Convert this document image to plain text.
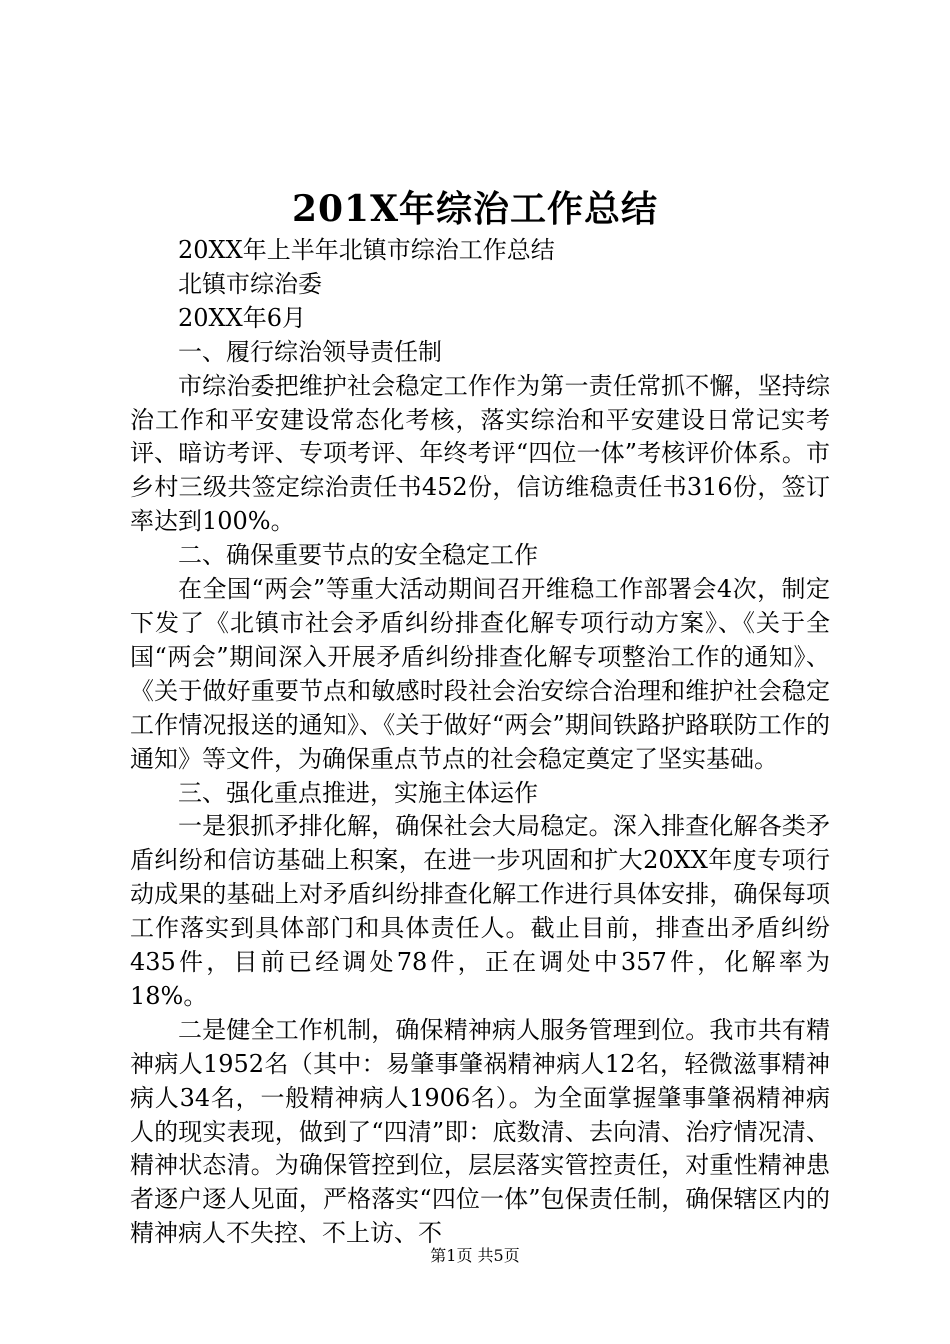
201X年综治工作总结

20XX年上半年北镇市综治工作总结

北镇市综治委

20XX年6月

一、履行综治领导责任制

市综治委把维护社会稳定工作作为第一责任常抓不懈，坚持综治工作和平安建设常态化考核，落实综治和平安建设日常记实考评、暗访考评、专项考评、年终考评“四位一体”考核评价体系。市乡村三级共签定综治责任书452份，信访维稳责任书316份，签订率达到100%。

二、确保重要节点的安全稳定工作

在全国“两会”等重大活动期间召开维稳工作部署会4次，制定下发了《北镇市社会矛盾纠纷排查化解专项行动方案》、《关于全国“两会”期间深入开展矛盾纠纷排查化解专项整治工作的通知》、《关于做好重要节点和敏感时段社会治安综合治理和维护社会稳定工作情况报送的通知》、《关于做好“两会”期间铁路护路联防工作的通知》等文件，为确保重点节点的社会稳定奠定了坚实基础。

三、强化重点推进，实施主体运作

一是狠抓矛排化解，确保社会大局稳定。深入排查化解各类矛盾纠纷和信访基础上积案，在进一步巩固和扩大20XX年度专项行动成果的基础上对矛盾纠纷排查化解工作进行具体安排，确保每项工作落实到具体部门和具体责任人。截止目前，排查出矛盾纠纷435件，目前已经调处78件，正在调处中357件，化解率为18%。

二是健全工作机制，确保精神病人服务管理到位。我市共有精神病人1952名（其中：易肇事肇祸精神病人12名，轻微滋事精神病人34名，一般精神病人1906名）。为全面掌握肇事肇祸精神病人的现实表现，做到了“四清”即：底数清、去向清、治疗情况清、精神状态清。为确保管控到位，层层落实管控责任，对重性精神患者逐户逐人见面，严格落实“四位一体”包保责任制，确保辖区内的精神病人不失控、不上访、不

第1页 共5页
